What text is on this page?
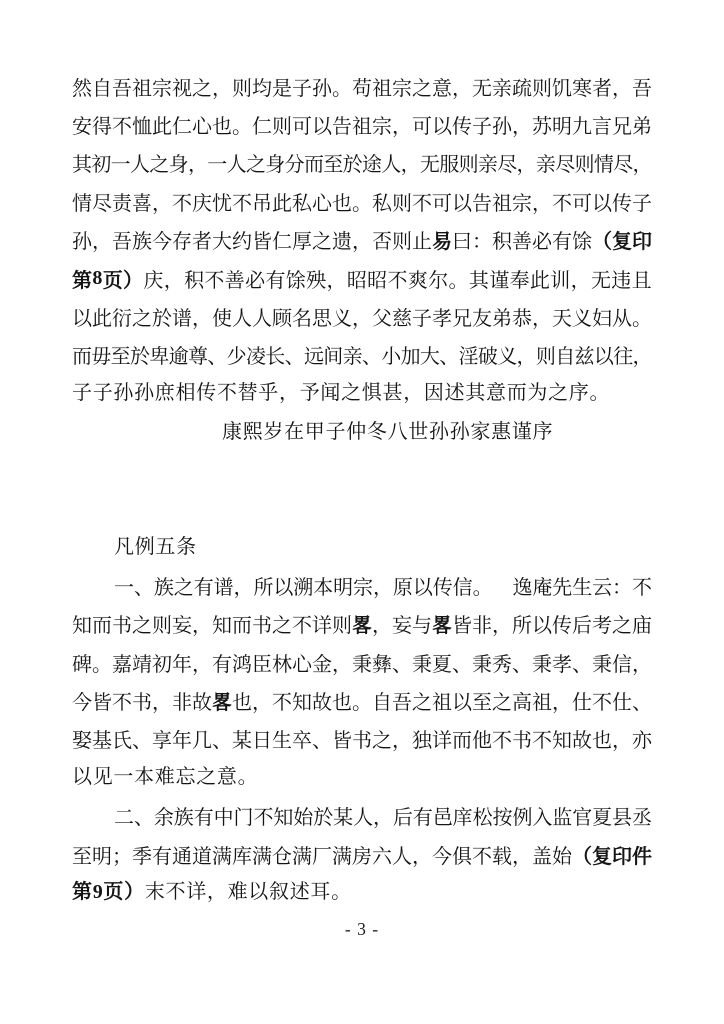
然 自 吾 祖 宗 视 之 ， 则 均 是 子 孙 。 苟 祖 宗 之 意 ， 无 亲 疏 则 饥 寒 者 ， 吾
安 得 不 恤 此 仁 心 也 。 仁 则 可 以 告 祖 宗 ， 可 以 传 子 孙 ， 苏 明 九 言 兄 弟
其 初 一 人 之 身 ， 一 人 之 身 分 而 至 於 途 人 ， 无 服 则 亲 尽 ， 亲 尽 则 情 尽 ，
情 尽 责 喜 ， 不 庆 忧 不 吊 此 私 心 也 。 私 则 不 可 以 告 祖 宗 ， 不 可 以 传 子
孙 ， 吾 族 今 存 者 大 约 皆 仁 厚 之 遗 ， 否 则 止 易 曰 ： 积 善 必 有 馀 （ 复 印
第 8 页 ） 庆 ， 积 不 善 必 有 馀 殃 ， 昭 昭 不 爽 尔 。 其 谨 奉 此 训 ， 无 违 且
以 此 衍 之 於 谱 ， 使 人 人 顾 名 思 义 ， 父 慈 子 孝 兄 友 弟 恭 ， 天 义 妇 从 。
而 毋 至 於 卑 逾 尊 、 少 凌 长 、 远 间 亲 、 小 加 大 、 淫 破 义 ， 则 自 兹 以 往 ，
子子孙孙庶相传不替乎，予闻之惧甚，因述其意而为之序。
康熙岁在甲子仲冬八世孙孙家惠谨序
凡例五条
一 、 族 之 有 谱 ， 所 以 溯 本 明 宗 ， 原 以 传 信 。
　 逸 庵 先 生 云 ： 不
知 而 书 之 则 妄 ， 知 而 书 之 不 详 则 畧 ， 妄 与 畧 皆 非 ， 所 以 传 后 考 之 庙
碑 。 嘉 靖 初 年 ， 有 鸿 臣 林 心 金 ， 秉 彝 、 秉 夏 、 秉 秀 、 秉 孝 、 秉 信 ，
今 皆 不 书 ， 非 故 畧 也 ， 不 知 故 也 。 自 吾 之 祖 以 至 之 高 祖 ， 仕 不 仕 、
娶 基 氏 、 享 年 几 、 某 日 生 卒 、 皆 书 之 ， 独 详 而 他 不 书 不 知 故 也 ， 亦
以见一本难忘之意。
二 、 余 族 有 中 门 不 知 始 於 某 人 ， 后 有 邑 庠 松 按 例 入 监 官 夏 县 丞
至 明 ； 季 有 通 道 满 库 满 仓 满 厂 满 房 六 人 ， 今 俱 不 载 ， 盖 始 （ 复 印 件
第9页）末不详，难以叙述耳。
- 3 -
